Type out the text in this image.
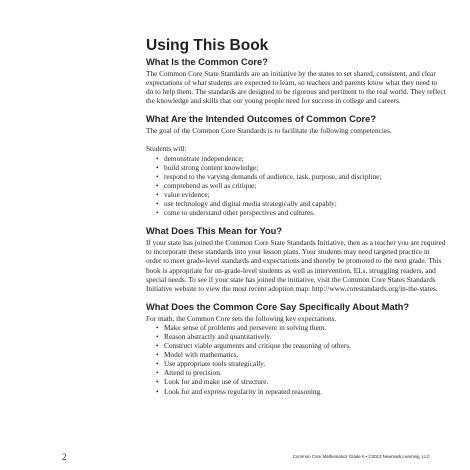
Using This Book
What Is the Common Core?

The Common Core State Standards are an initiative by the states to set shared, consistent, and clear expectations of what students are expected to learn, so teachers and parents know what they need to do to help them. The standards are designed to be rigorous and pertinent to the real world. They reflect the knowledge and skills that our young people need for success in college and careers.

What Are the Intended Outcomes of Common Core?

The goal of the Common Core Standards is to facilitate the following competencies.

Students will:

• demonstrate independence;
• build strong content knowledge;
• respond to the varying demands of audience, task, purpose, and discipline;
• comprehend as well as critique;
• value evidence;
• use technology and digital media strategically and capably;
• come to understand other perspectives and cultures.
What Does This Mean for You?

If your state has joined the Common Core State Standards Initiative, then as a teacher you are required to incorporate these standards into your lesson plans. Your students may need targeted practice in order to meet grade-level standards and expectations and thereby be promoted to the next grade. This book is appropriate for on-grade-level students as well as intervention, ELs, struggling readers, and special needs. To see if your state has joined the initiative, visit the Common Core States Standards Initiative website to view the most recent adoption map: http://www.corestandards.org/in-the-states.

What Does the Common Core Say Specifically About Math?

For math, the Common Core sets the following key expectations.

• Make sense of problems and persevere in solving them.
• Reason abstractly and quantitatively.
• Construct viable arguments and critique the reasoning of others.
• Model with mathematics.
• Use appropriate tools strategically.
• Attend to precision.
• Look for and make use of structure.
• Look for and express regularity in repeated reasoning.
2	Common Core Mathematics Grade 6 • ©2013 Newmark Learning, LLC
